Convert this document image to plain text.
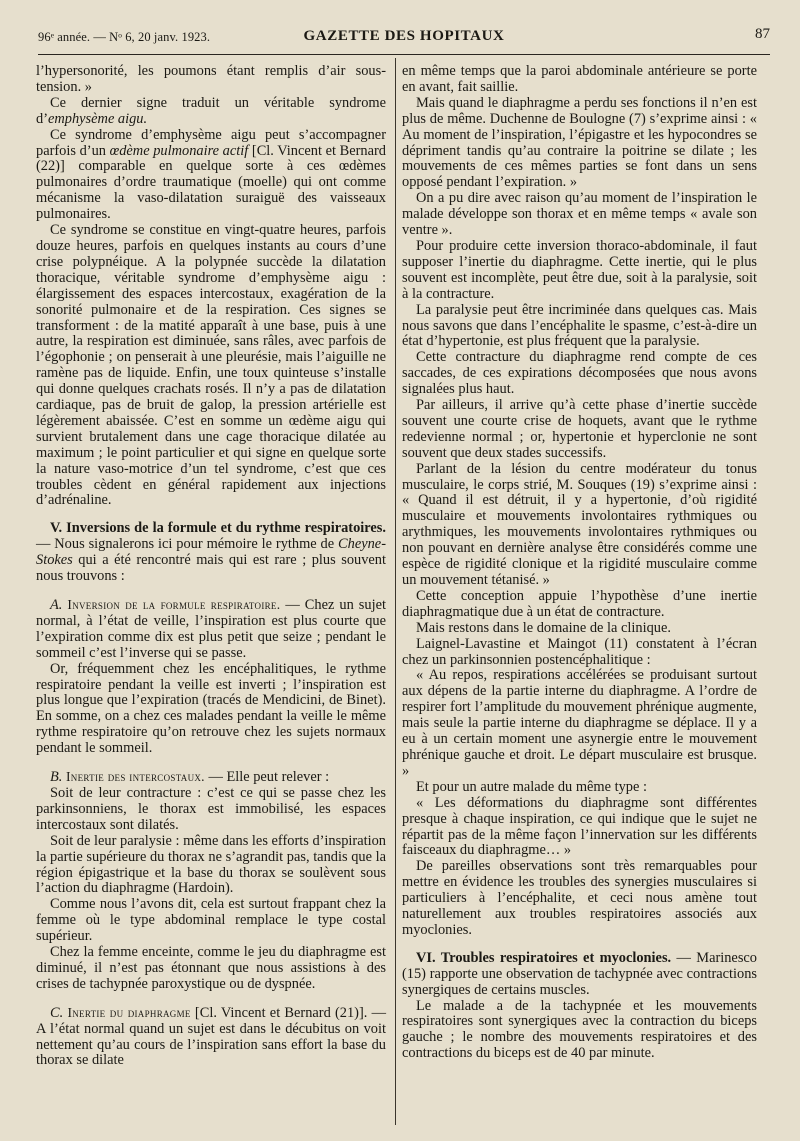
96ᵉ année. — Nᵒ 6, 20 janv. 1923.	GAZETTE DES HOPITAUX	87

l’hypersonorité, les poumons étant remplis d’air sous-tension. »

Ce dernier signe traduit un véritable syndrome d’emphysème aigu.

Ce syndrome d’emphysème aigu peut s’accompagner parfois d’un œdème pulmonaire actif [Cl. Vincent et Bernard (22)] comparable en quelque sorte à ces œdèmes pulmonaires d’ordre traumatique (moelle) qui ont comme mécanisme la vaso-dilatation suraiguë des vaisseaux pulmonaires.

Ce syndrome se constitue en vingt-quatre heures, parfois douze heures, parfois en quelques instants au cours d’une crise polypnéique. A la polypnée succède la dilatation thoracique, véritable syndrome d’emphysème aigu : élargissement des espaces intercostaux, exagération de la sonorité pulmonaire et de la respiration. Ces signes se transforment : de la matité apparaît à une base, puis à une autre, la respiration est diminuée, sans râles, avec parfois de l’égophonie ; on penserait à une pleurésie, mais l’aiguille ne ramène pas de liquide. Enfin, une toux quinteuse s’installe qui donne quelques crachats rosés. Il n’y a pas de dilatation cardiaque, pas de bruit de galop, la pression artérielle est légèrement abaissée. C’est en somme un œdème aigu qui survient brutalement dans une cage thoracique dilatée au maximum ; le point particulier et qui signe en quelque sorte la nature vaso-motrice d’un tel syndrome, c’est que ces troubles cèdent en général rapidement aux injections d’adrénaline.

V. Inversions de la formule et du rythme respiratoires. — Nous signalerons ici pour mémoire le rythme de Cheyne-Stokes qui a été rencontré mais qui est rare ; plus souvent nous trouvons :

A. Inversion de la formule respiratoire. — Chez un sujet normal, à l’état de veille, l’inspiration est plus courte que l’expiration comme dix est plus petit que seize ; pendant le sommeil c’est l’inverse qui se passe.

Or, fréquemment chez les encéphalitiques, le rythme respiratoire pendant la veille est inverti ; l’inspiration est plus longue que l’expiration (tracés de Mendicini, de Binet). En somme, on a chez ces malades pendant la veille le même rythme respiratoire qu’on retrouve chez les sujets normaux pendant le sommeil.

B. Inertie des intercostaux. — Elle peut relever :

Soit de leur contracture : c’est ce qui se passe chez les parkinsonniens, le thorax est immobilisé, les espaces intercostaux sont dilatés.

Soit de leur paralysie : même dans les efforts d’inspiration la partie supérieure du thorax ne s’agrandit pas, tandis que la région épigastrique et la base du thorax se soulèvent sous l’action du diaphragme (Hardoin).

Comme nous l’avons dit, cela est surtout frappant chez la femme où le type abdominal remplace le type costal supérieur.

Chez la femme enceinte, comme le jeu du diaphragme est diminué, il n’est pas étonnant que nous assistions à des crises de tachypnée paroxystique ou de dyspnée.

C. Inertie du diaphragme [Cl. Vincent et Bernard (21)]. — A l’état normal quand un sujet est dans le décubitus on voit nettement qu’au cours de l’inspiration sans effort la base du thorax se dilate

en même temps que la paroi abdominale antérieure se porte en avant, fait saillie.

Mais quand le diaphragme a perdu ses fonctions il n’en est plus de même. Duchenne de Boulogne (7) s’exprime ainsi : « Au moment de l’inspiration, l’épigastre et les hypocondres se dépriment tandis qu’au contraire la poitrine se dilate ; les mouvements de ces mêmes parties se font dans un sens opposé pendant l’expiration. »

On a pu dire avec raison qu’au moment de l’inspiration le malade développe son thorax et en même temps « avale son ventre ».

Pour produire cette inversion thoraco-abdominale, il faut supposer l’inertie du diaphragme. Cette inertie, qui le plus souvent est incomplète, peut être due, soit à la paralysie, soit à la contracture.

La paralysie peut être incriminée dans quelques cas. Mais nous savons que dans l’encéphalite le spasme, c’est-à-dire un état d’hypertonie, est plus fréquent que la paralysie.

Cette contracture du diaphragme rend compte de ces saccades, de ces expirations décomposées que nous avons signalées plus haut.

Par ailleurs, il arrive qu’à cette phase d’inertie succède souvent une courte crise de hoquets, avant que le rythme redevienne normal ; or, hypertonie et hyperclonie ne sont souvent que deux stades successifs.

Parlant de la lésion du centre modérateur du tonus musculaire, le corps strié, M. Souques (19) s’exprime ainsi : « Quand il est détruit, il y a hypertonie, d’où rigidité musculaire et mouvements involontaires rythmiques ou arythmiques, les mouvements involontaires rythmiques ou non pouvant en dernière analyse être considérés comme une espèce de rigidité clonique et la rigidité musculaire comme un mouvement tétanisé. »

Cette conception appuie l’hypothèse d’une inertie diaphragmatique due à un état de contracture.

Mais restons dans le domaine de la clinique.

Laignel-Lavastine et Maingot (11) constatent à l’écran chez un parkinsonnien postencéphalitique :

« Au repos, respirations accélérées se produisant surtout aux dépens de la partie interne du diaphragme. A l’ordre de respirer fort l’amplitude du mouvement phrénique augmente, mais seule la partie interne du diaphragme se déplace. Il y a eu à un certain moment une asynergie entre le mouvement phrénique gauche et droit. Le départ musculaire est brusque. »

Et pour un autre malade du même type :

« Les déformations du diaphragme sont différentes presque à chaque inspiration, ce qui indique que le sujet ne répartit pas de la même façon l’innervation sur les différents faisceaux du diaphragme… »

De pareilles observations sont très remarquables pour mettre en évidence les troubles des synergies musculaires si particuliers à l’encéphalite, et ceci nous amène tout naturellement aux troubles respiratoires associés aux myoclonies.

VI. Troubles respiratoires et myoclonies. — Marinesco (15) rapporte une observation de tachypnée avec contractions synergiques de certains muscles.

Le malade a de la tachypnée et les mouvements respiratoires sont synergiques avec la contraction du biceps gauche ; le nombre des mouvements respiratoires et des contractions du biceps est de 40 par minute.
